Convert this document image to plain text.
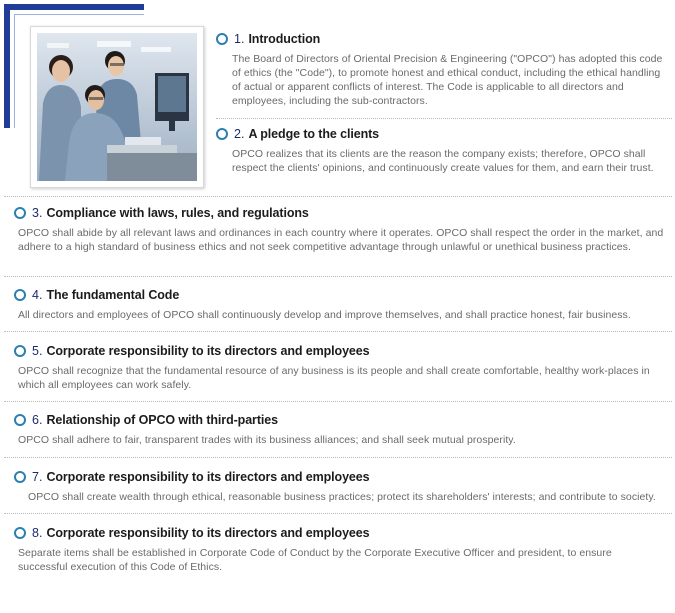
1. Introduction
The Board of Directors of Oriental Precision & Engineering ("OPCO") has adopted this code of ethics (the "Code"), to promote honest and ethical conduct, including the ethical handling of actual or apparent conflicts of interest. The Code is applicable to all directors and employees, including the sub-contractors.
2. A pledge to the clients
OPCO realizes that its clients are the reason the company exists; therefore, OPCO shall respect the clients' opinions, and continuously create values for them, and earn their trust.
3. Compliance with laws, rules, and regulations
OPCO shall abide by all relevant laws and ordinances in each country where it operates. OPCO shall respect the order in the market, and adhere to a high standard of business ethics and not seek competitive advantage through unlawful or unethical business practices.
4. The fundamental Code
All directors and employees of OPCO shall continuously develop and improve themselves, and shall practice honest, fair business.
5. Corporate responsibility to its directors and employees
OPCO shall recognize that the fundamental resource of any business is its people and shall create comfortable, healthy work-places in which all employees can work safely.
6. Relationship of OPCO with third-parties
OPCO shall adhere to fair, transparent trades with its business alliances; and shall seek mutual prosperity.
7. Corporate responsibility to its directors and employees
OPCO shall create wealth through ethical, reasonable business practices; protect its shareholders' interests; and contribute to society.
8. Corporate responsibility to its directors and employees
Separate items shall be established in Corporate Code of Conduct by the Corporate Executive Officer and president, to ensure successful execution of this Code of Ethics.
